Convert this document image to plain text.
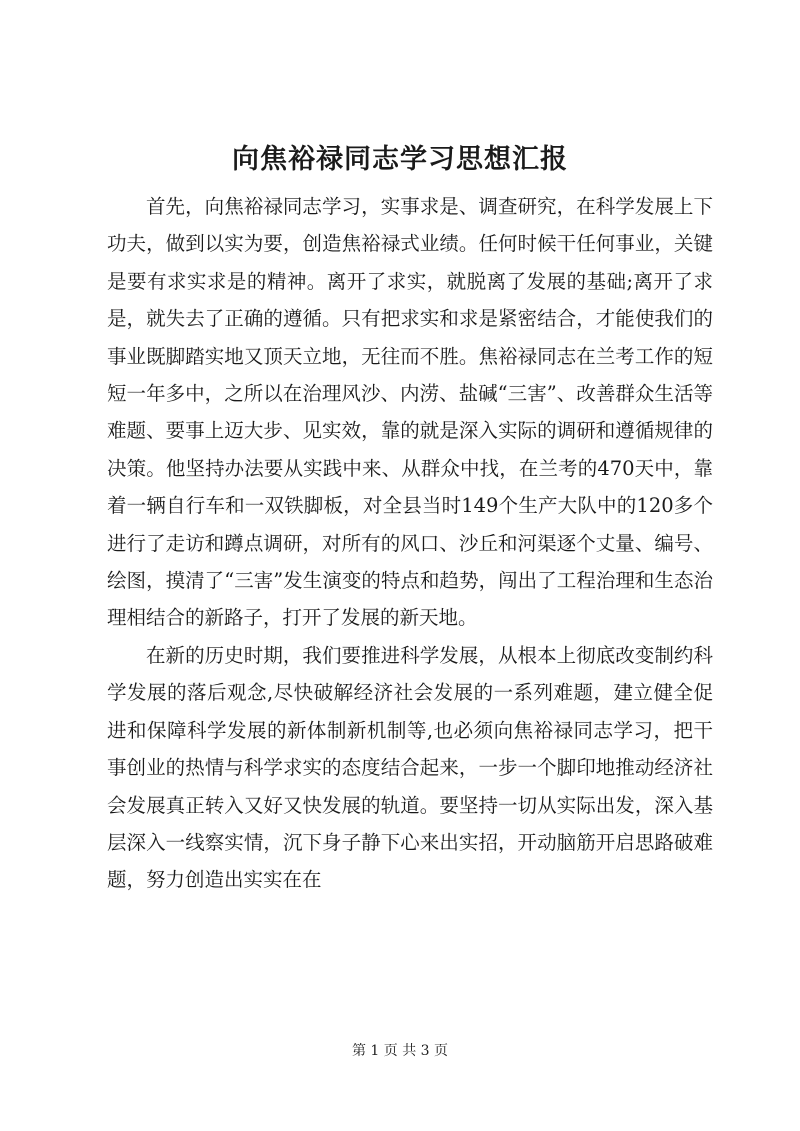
向焦裕禄同志学习思想汇报

首先，向焦裕禄同志学习，实事求是、调查研究，在科学发展上下功夫，做到以实为要，创造焦裕禄式业绩。任何时候干任何事业，关键是要有求实求是的精神。离开了求实，就脱离了发展的基础;离开了求是，就失去了正确的遵循。只有把求实和求是紧密结合，才能使我们的事业既脚踏实地又顶天立地，无往而不胜。焦裕禄同志在兰考工作的短短一年多中，之所以在治理风沙、内涝、盐碱“三害”、改善群众生活等难题、要事上迈大步、见实效，靠的就是深入实际的调研和遵循规律的决策。他坚持办法要从实践中来、从群众中找，在兰考的470天中，靠着一辆自行车和一双铁脚板，对全县当时149个生产大队中的120多个进行了走访和蹲点调研，对所有的风口、沙丘和河渠逐个丈量、编号、绘图，摸清了“三害”发生演变的特点和趋势，闯出了工程治理和生态治理相结合的新路子，打开了发展的新天地。

在新的历史时期，我们要推进科学发展，从根本上彻底改变制约科学发展的落后观念,尽快破解经济社会发展的一系列难题，建立健全促进和保障科学发展的新体制新机制等,也必须向焦裕禄同志学习，把干事创业的热情与科学求实的态度结合起来，一步一个脚印地推动经济社会发展真正转入又好又快发展的轨道。要坚持一切从实际出发，深入基层深入一线察实情，沉下身子静下心来出实招，开动脑筋开启思路破难题，努力创造出实实在在

第 1 页 共 3 页
